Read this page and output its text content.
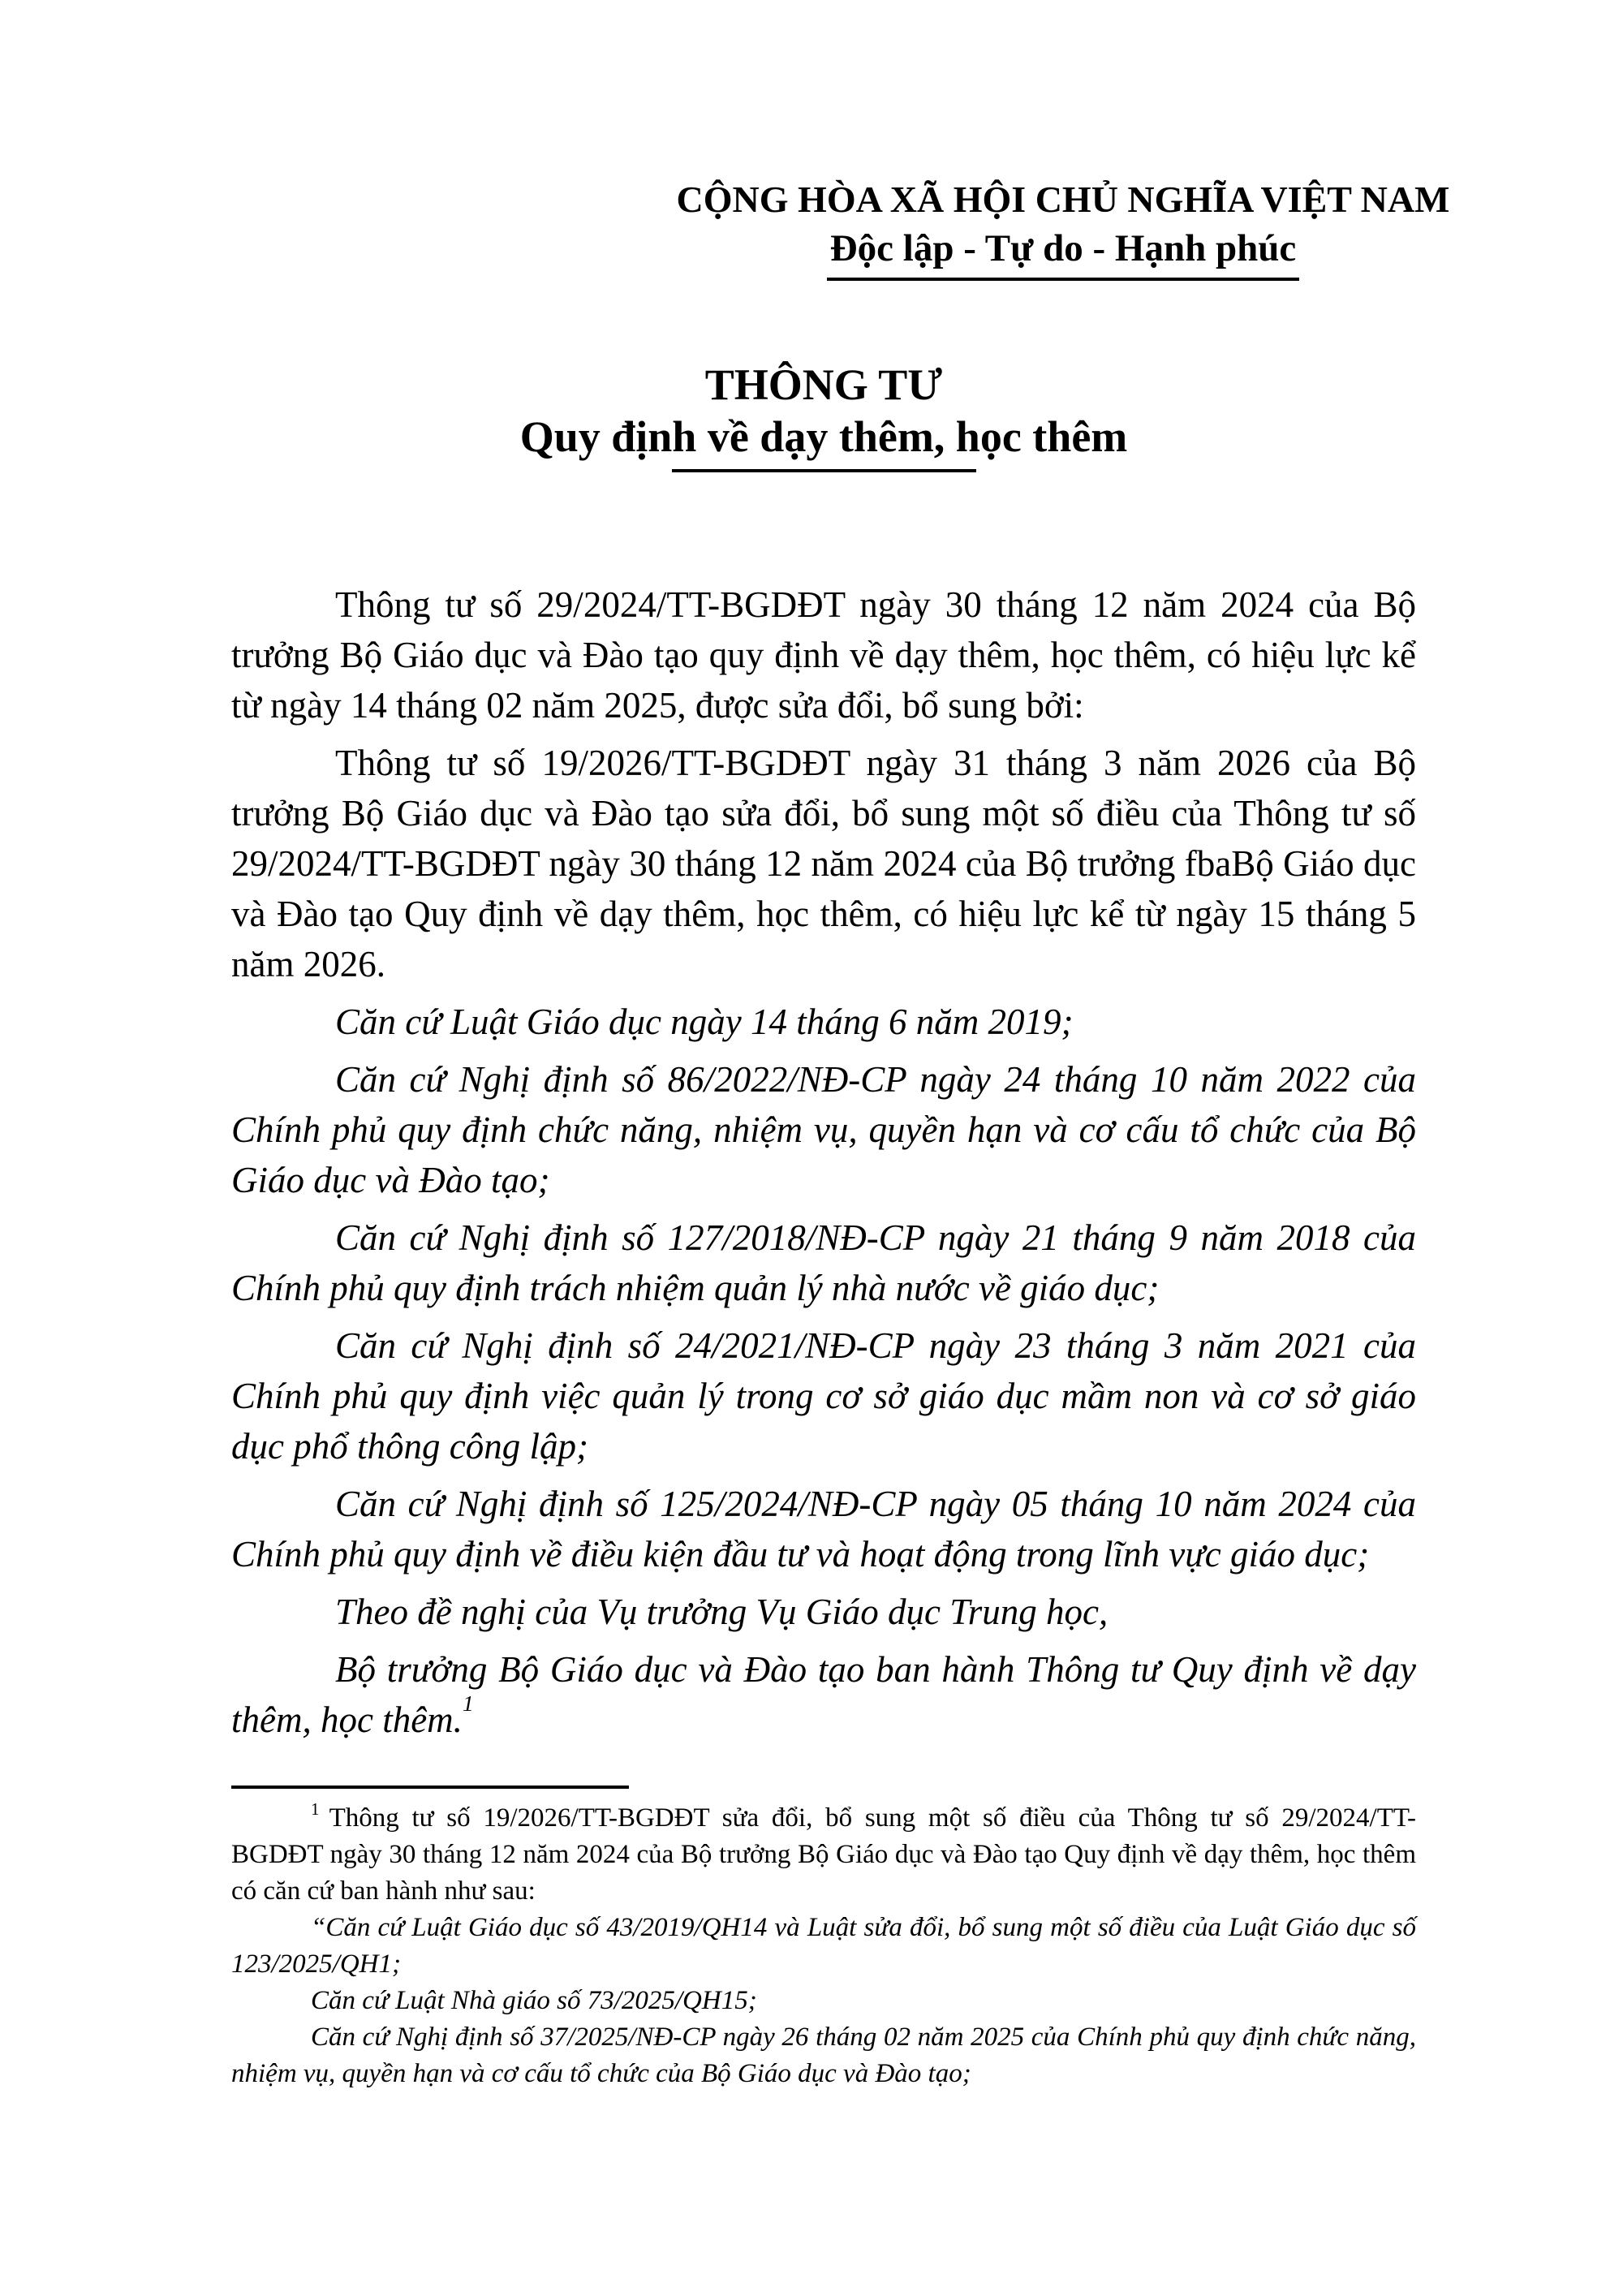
CỘNG HÒA XÃ HỘI CHỦ NGHĨA VIỆT NAM
Độc lập - Tự do - Hạnh phúc
THÔNG TƯ
Quy định về dạy thêm, học thêm

Thông tư số 29/2024/TT-BGDĐT ngày 30 tháng 12 năm 2024 của Bộ trưởng Bộ Giáo dục và Đào tạo quy định về dạy thêm, học thêm, có hiệu lực kể từ ngày 14 tháng 02 năm 2025, được sửa đổi, bổ sung bởi:

Thông tư số 19/2026/TT-BGDĐT ngày 31 tháng 3 năm 2026 của Bộ trưởng Bộ Giáo dục và Đào tạo sửa đổi, bổ sung một số điều của Thông tư số 29/2024/TT-BGDĐT ngày 30 tháng 12 năm 2024 của Bộ trưởng fbaBộ Giáo dục và Đào tạo Quy định về dạy thêm, học thêm, có hiệu lực kể từ ngày 15 tháng 5 năm 2026.

Căn cứ Luật Giáo dục ngày 14 tháng 6 năm 2019;

Căn cứ Nghị định số 86/2022/NĐ-CP ngày 24 tháng 10 năm 2022 của Chính phủ quy định chức năng, nhiệm vụ, quyền hạn và cơ cấu tổ chức của Bộ Giáo dục và Đào tạo;

Căn cứ Nghị định số 127/2018/NĐ-CP ngày 21 tháng 9 năm 2018 của Chính phủ quy định trách nhiệm quản lý nhà nước về giáo dục;

Căn cứ Nghị định số 24/2021/NĐ-CP ngày 23 tháng 3 năm 2021 của Chính phủ quy định việc quản lý trong cơ sở giáo dục mầm non và cơ sở giáo dục phổ thông công lập;

Căn cứ Nghị định số 125/2024/NĐ-CP ngày 05 tháng 10 năm 2024 của Chính phủ quy định về điều kiện đầu tư và hoạt động trong lĩnh vực giáo dục;

Theo đề nghị của Vụ trưởng Vụ Giáo dục Trung học,

Bộ trưởng Bộ Giáo dục và Đào tạo ban hành Thông tư Quy định về dạy thêm, học thêm.$^1$

$^1$ Thông tư số 19/2026/TT-BGDĐT sửa đổi, bổ sung một số điều của Thông tư số 29/2024/TT-BGDĐT ngày 30 tháng 12 năm 2024 của Bộ trưởng Bộ Giáo dục và Đào tạo Quy định về dạy thêm, học thêm có căn cứ ban hành như sau:

“Căn cứ Luật Giáo dục số 43/2019/QH14 và Luật sửa đổi, bổ sung một số điều của Luật Giáo dục số 123/2025/QH1;

Căn cứ Luật Nhà giáo số 73/2025/QH15;

Căn cứ Nghị định số 37/2025/NĐ-CP ngày 26 tháng 02 năm 2025 của Chính phủ quy định chức năng, nhiệm vụ, quyền hạn và cơ cấu tổ chức của Bộ Giáo dục và Đào tạo;
